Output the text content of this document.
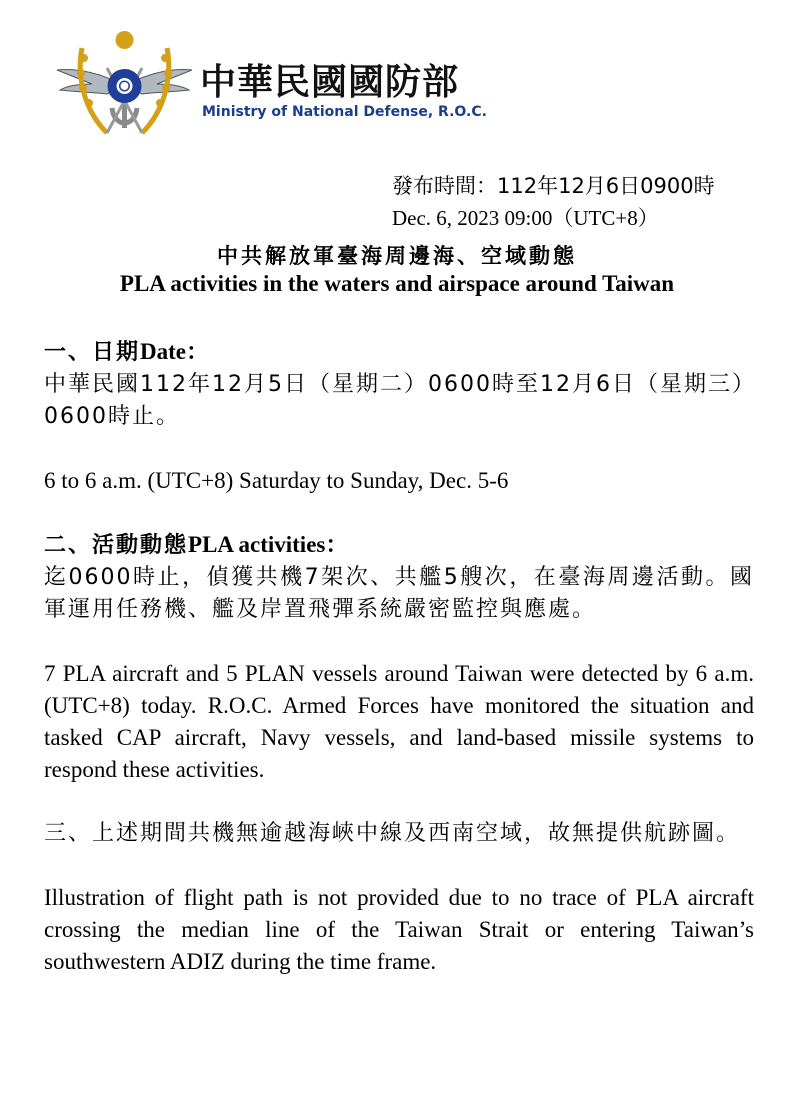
中華民國國防部
Ministry of National Defense, R.O.C.
發布時間：112年12月6日0900時
Dec. 6, 2023 09:00（UTC+8）
中共解放軍臺海周邊海、空域動態
PLA activities in the waters and airspace around Taiwan

一、日期Date：

中華民國112年12月5日（星期二）0600時至12月6日（星期三）0600時止。

6 to 6 a.m. (UTC+8) Saturday to Sunday, Dec. 5-6

二、活動動態PLA activities：

迄0600時止，偵獲共機7架次、共艦5艘次，在臺海周邊活動。國軍運用任務機、艦及岸置飛彈系統嚴密監控與應處。

7 PLA aircraft and 5 PLAN vessels around Taiwan were detected by 6 a.m.(UTC+8) today. R.O.C. Armed Forces have monitored the situation and tasked CAP aircraft, Navy vessels, and land-based missile systems to respond these activities.

三、上述期間共機無逾越海峽中線及西南空域，故無提供航跡圖。

Illustration of flight path is not provided due to no trace of PLA aircraft crossing the median line of the Taiwan Strait or entering Taiwan’s southwestern ADIZ during the time frame.
